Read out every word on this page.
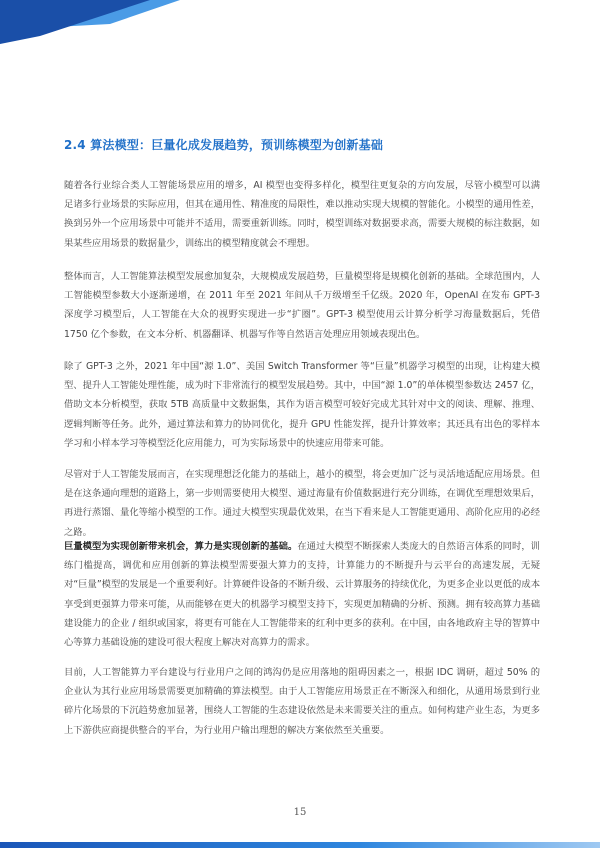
2.4 算法模型：巨量化成发展趋势，预训练模型为创新基础

随着各行业综合类人工智能场景应用的增多，AI 模型也变得多样化，模型往更复杂的方向发展，尽管小模型可以满足诸多行业场景的实际应用，但其在通用性、精准度的局限性，难以推动实现大规模的智能化。小模型的通用性差，换到另外一个应用场景中可能并不适用，需要重新训练。同时，模型训练对数据要求高，需要大规模的标注数据，如果某些应用场景的数据量少，训练出的模型精度就会不理想。

整体而言，人工智能算法模型发展愈加复杂，大规模成发展趋势，巨量模型将是规模化创新的基础。全球范围内，人工智能模型参数大小逐渐递增，在 2011 年至 2021 年间从千万级增至千亿级。2020 年，OpenAI 在发布 GPT-3 深度学习模型后，人工智能在大众的视野实现进一步“扩圈”。GPT-3 模型使用云计算分析学习海量数据后，凭借 1750 亿个参数，在文本分析、机器翻译、机器写作等自然语言处理应用领域表现出色。

除了 GPT-3 之外，2021 年中国“源 1.0”、美国 Switch Transformer 等“巨量”机器学习模型的出现，让构建大模型、提升人工智能处理性能，成为时下非常流行的模型发展趋势。其中，中国“源 1.0”的单体模型参数达 2457 亿，借助文本分析模型，获取 5TB 高质量中文数据集，其作为语言模型可较好完成尤其针对中文的阅读、理解、推理、逻辑判断等任务。此外，通过算法和算力的协同优化，提升 GPU 性能发挥，提升计算效率；其还具有出色的零样本学习和小样本学习等模型泛化应用能力，可为实际场景中的快速应用带来可能。

尽管对于人工智能发展而言，在实现理想泛化能力的基础上，越小的模型，将会更加广泛与灵活地适配应用场景。但是在这条通向理想的道路上，第一步则需要使用大模型、通过海量有价值数据进行充分训练，在调优至理想效果后，再进行蒸馏、量化等缩小模型的工作。通过大模型实现最优效果，在当下看来是人工智能更通用、高阶化应用的必经之路。

巨量模型为实现创新带来机会，算力是实现创新的基础。在通过大模型不断探索人类庞大的自然语言体系的同时，训练门槛提高，调优和应用创新的算法模型需要强大算力的支持，计算能力的不断提升与云平台的高速发展，无疑对“巨量”模型的发展是一个重要利好。计算硬件设备的不断升级、云计算服务的持续优化，为更多企业以更低的成本享受到更强算力带来可能，从而能够在更大的机器学习模型支持下，实现更加精确的分析、预测。拥有较高算力基础建设能力的企业 / 组织或国家，将更有可能在人工智能带来的红利中更多的获利。在中国，由各地政府主导的智算中心等算力基础设施的建设可很大程度上解决对高算力的需求。

目前，人工智能算力平台建设与行业用户之间的鸿沟仍是应用落地的阻碍因素之一，根据 IDC 调研，超过 50% 的企业认为其行业应用场景需要更加精确的算法模型。由于人工智能应用场景正在不断深入和细化，从通用场景到行业碎片化场景的下沉趋势愈加显著，围绕人工智能的生态建设依然是未来需要关注的重点。如何构建产业生态，为更多上下游供应商提供整合的平台，为行业用户输出理想的解决方案依然至关重要。

15
